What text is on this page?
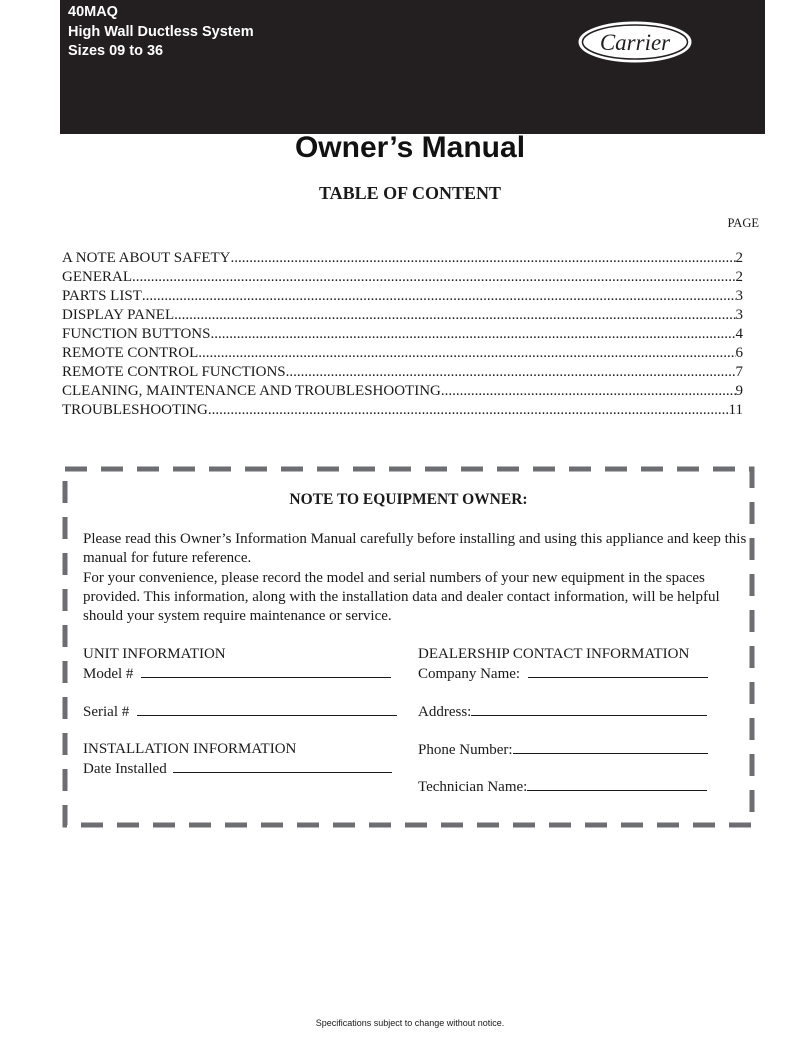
40MAQ
High Wall Ductless System
Sizes 09 to 36	Carrier
®
Owner’s Manual
TABLE OF CONTENT
PAGE
A NOTE ABOUT SAFETY .....	2
GENERAL .....	2
PARTS LIST .....	3
DISPLAY PANEL .....	3
FUNCTION BUTTONS .....	4
REMOTE CONTROL .....	6
REMOTE CONTROL FUNCTIONS .....	7
CLEANING, MAINTENANCE AND TROUBLESHOOTING .....	9
TROUBLESHOOTING .....	11
NOTE TO EQUIPMENT OWNER:

Please read this Owner’s Information Manual carefully before installing and using this appliance and keep this manual for future reference.

For your convenience, please record the model and serial numbers of your new equipment in the spaces provided. This information, along with the installation data and dealer contact information, will be helpful should your system require maintenance or service.

UNIT INFORMATION
Model #
Serial #
INSTALLATION INFORMATION
Date Installed
DEALERSHIP CONTACT INFORMATION
Company Name:
Address:
Phone Number:
Technician Name:
Specifications subject to change without notice.
